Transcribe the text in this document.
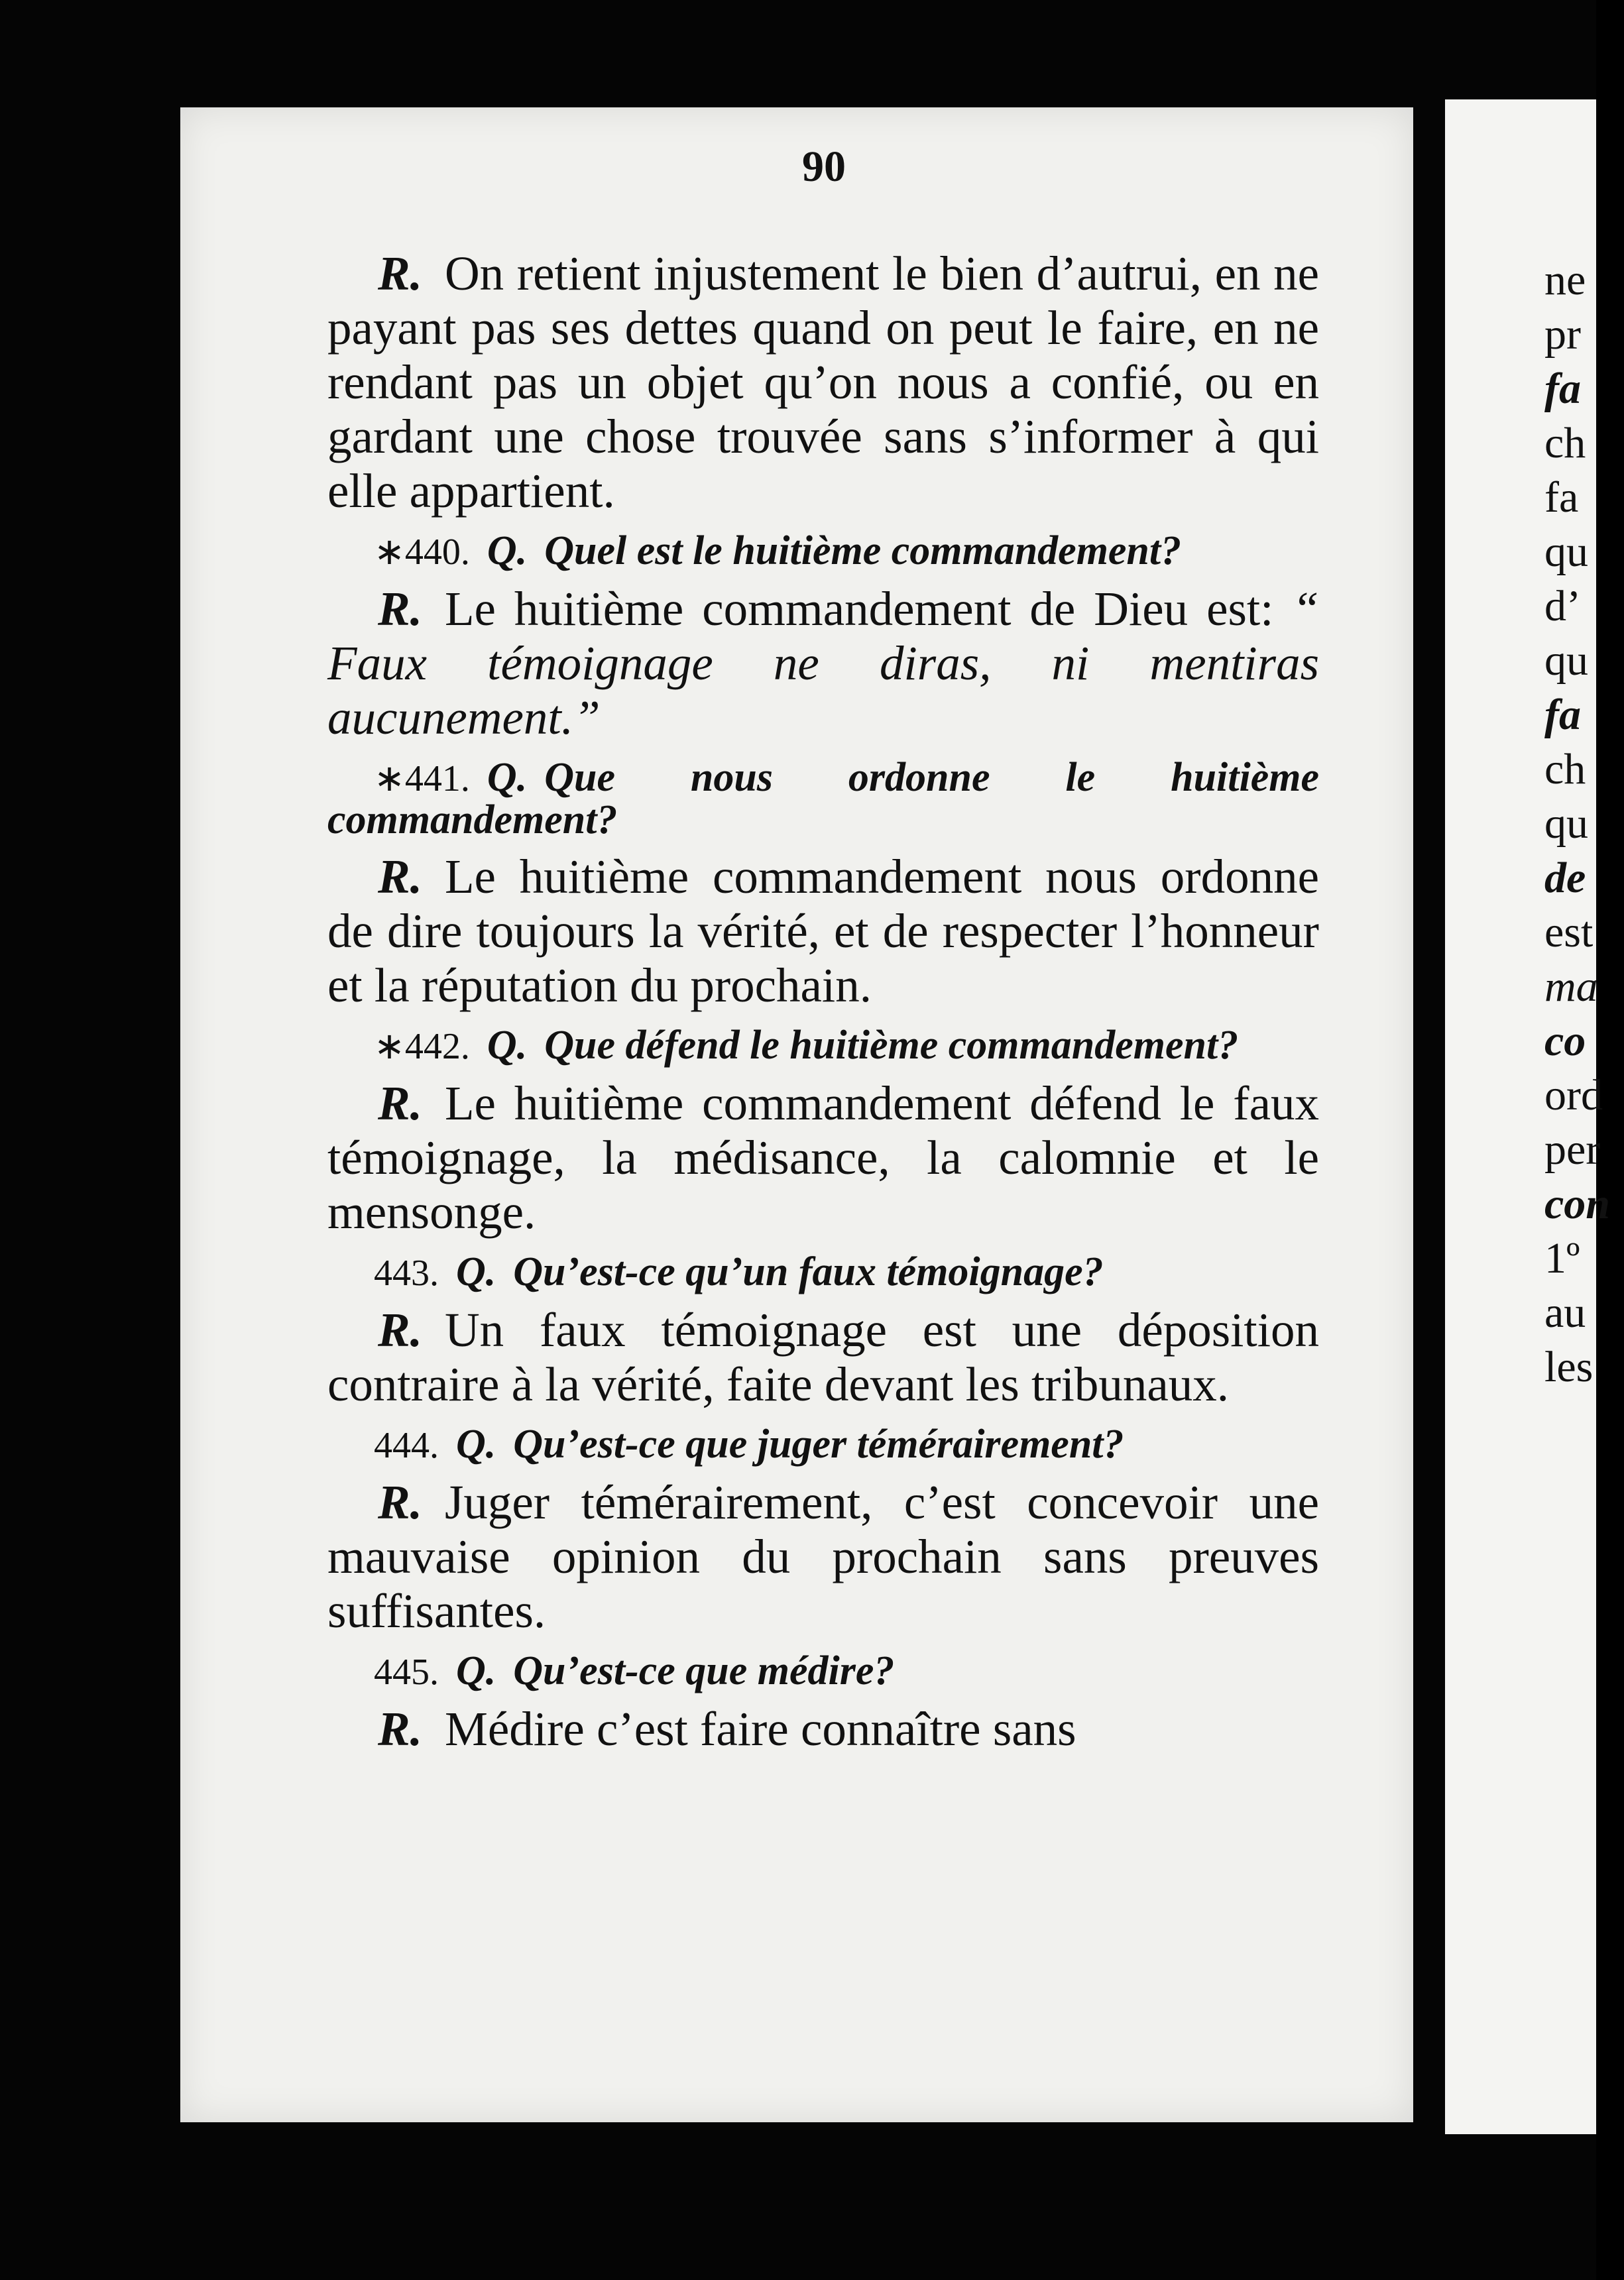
90

R. On retient injustement le bien d’autrui, en ne payant pas ses dettes quand on peut le faire, en ne rendant pas un objet qu’on nous a confié, ou en gardant une chose trouvée sans s’informer à qui elle appartient.

∗440. Q. Quel est le huitième commandement?

R. Le huitième commandement de Dieu est: “ Faux témoignage ne diras, ni mentiras aucunement.”

∗441. Q. Que nous ordonne le huitième commandement?

R. Le huitième commandement nous ordonne de dire toujours la vérité, et de respecter l’honneur et la réputation du prochain.

∗442. Q. Que défend le huitième commandement?

R. Le huitième commandement défend le faux témoignage, la médisance, la calomnie et le mensonge.

443. Q. Qu’est-ce qu’un faux témoignage?

R. Un faux témoignage est une déposition contraire à la vérité, faite devant les tribunaux.

444. Q. Qu’est-ce que juger témérairement?

R. Juger témérairement, c’est concevoir une mauvaise opinion du prochain sans preuves suffisantes.

445. Q. Qu’est-ce que médire?

R. Médire c’est faire connaître sans

ne
pr
fa
ch
fa
qu
d’
qu
fa
ch
qu
de
est
ma
co
ord
per
con
1º
au
les
